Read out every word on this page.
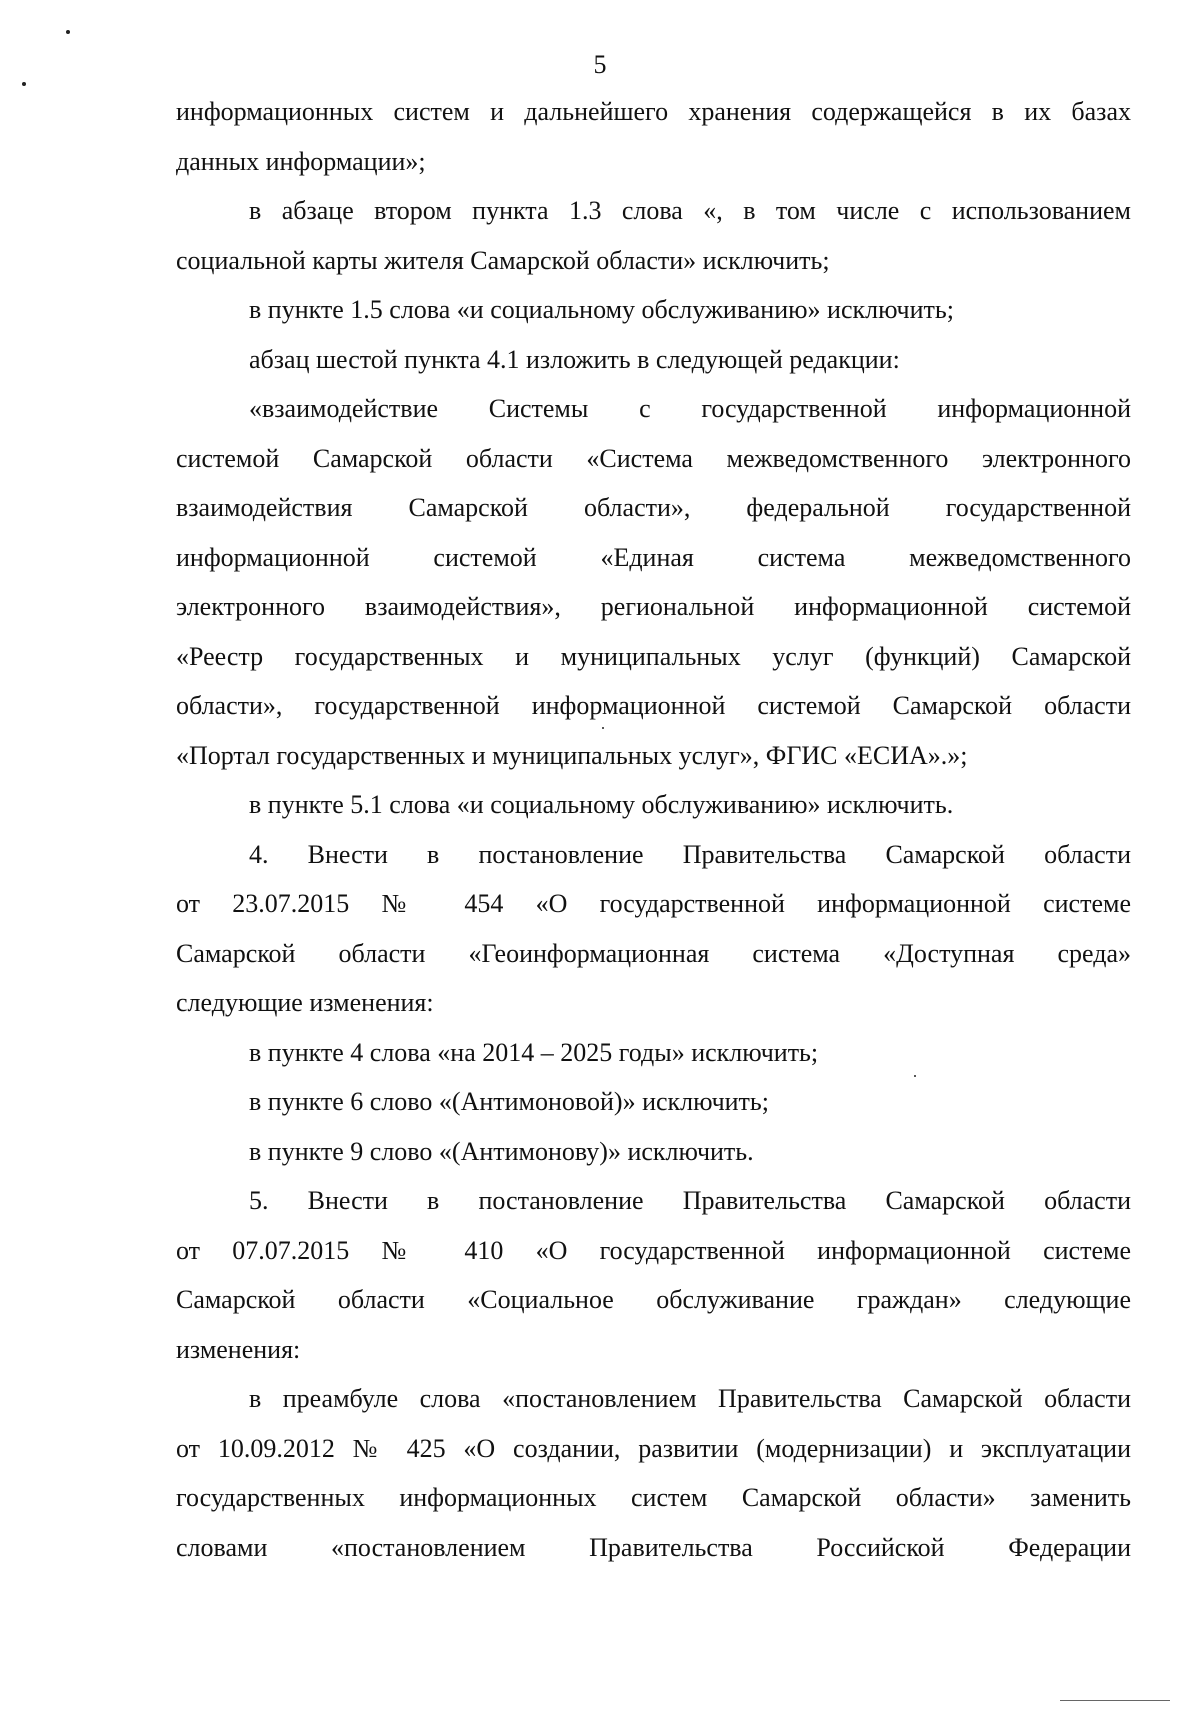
5
информационных систем и дальнейшего хранения содержащейся в их базах
данных информации»;
в абзаце втором пункта 1.3 слова «, в том числе с использованием
социальной карты жителя Самарской области» исключить;
в пункте 1.5 слова «и социальному обслуживанию» исключить;
абзац шестой пункта 4.1 изложить в следующей редакции:
«взаимодействие Системы с государственной информационной
системой Самарской области «Система межведомственного электронного
взаимодействия Самарской области», федеральной государственной
информационной системой «Единая система межведомственного
электронного взаимодействия», региональной информационной системой
«Реестр государственных и муниципальных услуг (функций) Самарской
области», государственной информационной системой Самарской области
«Портал государственных и муниципальных услуг», ФГИС «ЕСИА».»;
в пункте 5.1 слова «и социальному обслуживанию» исключить.
4. Внести в постановление Правительства Самарской области
от 23.07.2015 № 454 «О государственной информационной системе
Самарской области «Геоинформационная система «Доступная среда»
следующие изменения:
в пункте 4 слова «на 2014 – 2025 годы» исключить;
в пункте 6 слово «(Антимоновой)» исключить;
в пункте 9 слово «(Антимонову)» исключить.
5. Внести в постановление Правительства Самарской области
от 07.07.2015 № 410 «О государственной информационной системе
Самарской области «Социальное обслуживание граждан» следующие
изменения:
в преамбуле слова «постановлением Правительства Самарской области
от 10.09.2012 № 425 «О создании, развитии (модернизации) и эксплуатации
государственных информационных систем Самарской области» заменить
словами «постановлением Правительства Российской Федерации
